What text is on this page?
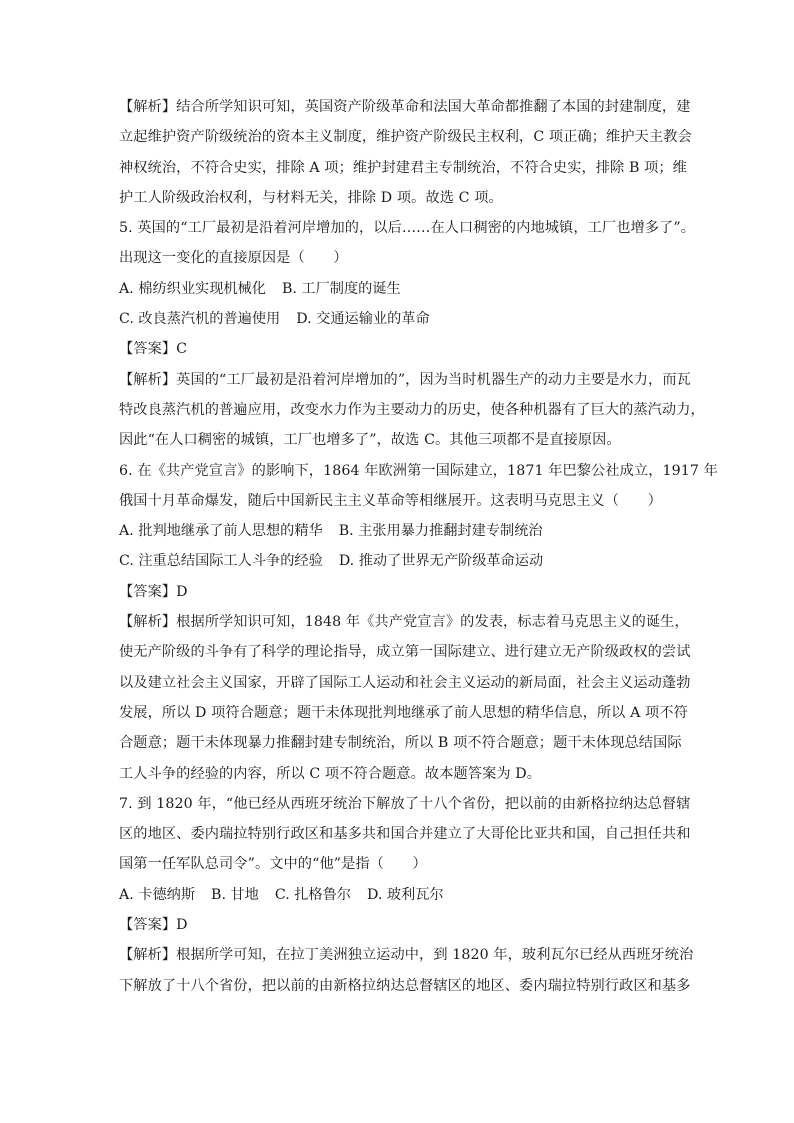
【解析】结合所学知识可知，英国资产阶级革命和法国大革命都推翻了本国的封建制度，建
立起维护资产阶级统治的资本主义制度，维护资产阶级民主权利，C 项正确；维护天主教会
神权统治，不符合史实，排除 A 项；维护封建君主专制统治，不符合史实，排除 B 项；维
护工人阶级政治权利，与材料无关，排除 D 项。故选 C 项。
5. 英国的“工厂最初是沿着河岸增加的，以后……在人口稠密的内地城镇，工厂也增多了”。
出现这一变化的直接原因是（　　）
A. 棉纺织业实现机械化 B. 工厂制度的诞生
C. 改良蒸汽机的普遍使用 D. 交通运输业的革命
【答案】C
【解析】英国的“工厂最初是沿着河岸增加的”，因为当时机器生产的动力主要是水力，而瓦
特改良蒸汽机的普遍应用，改变水力作为主要动力的历史，使各种机器有了巨大的蒸汽动力，
因此“在人口稠密的城镇，工厂也增多了”，故选 C。其他三项都不是直接原因。
6. 在《共产党宣言》的影响下，1864 年欧洲第一国际建立，1871 年巴黎公社成立，1917 年
俄国十月革命爆发，随后中国新民主主义革命等相继展开。这表明马克思主义（　　）
A. 批判地继承了前人思想的精华 B. 主张用暴力推翻封建专制统治
C. 注重总结国际工人斗争的经验 D. 推动了世界无产阶级革命运动
【答案】D
【解析】根据所学知识可知，1848 年《共产党宣言》的发表，标志着马克思主义的诞生，
使无产阶级的斗争有了科学的理论指导，成立第一国际建立、进行建立无产阶级政权的尝试
以及建立社会主义国家，开辟了国际工人运动和社会主义运动的新局面，社会主义运动蓬勃
发展，所以 D 项符合题意；题干未体现批判地继承了前人思想的精华信息，所以 A 项不符
合题意；题干未体现暴力推翻封建专制统治，所以 B 项不符合题意；题干未体现总结国际
工人斗争的经验的内容，所以 C 项不符合题意。故本题答案为 D。
7. 到 1820 年，“他已经从西班牙统治下解放了十八个省份，把以前的由新格拉纳达总督辖
区的地区、委内瑞拉特别行政区和基多共和国合并建立了大哥伦比亚共和国，自己担任共和
国第一任军队总司令”。文中的“他”是指（　　）
A. 卡德纳斯 B. 甘地 C. 扎格鲁尔 D. 玻利瓦尔
【答案】D
【解析】根据所学可知，在拉丁美洲独立运动中，到 1820 年，玻利瓦尔已经从西班牙统治
下解放了十八个省份，把以前的由新格拉纳达总督辖区的地区、委内瑞拉特别行政区和基多
